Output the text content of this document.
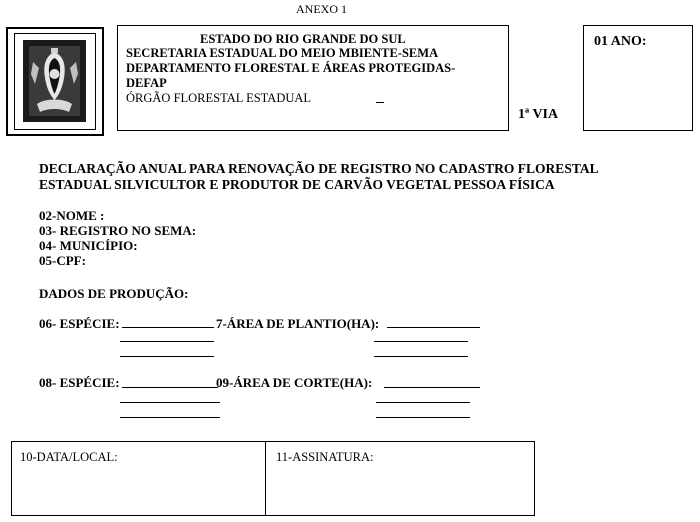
ANEXO 1
ESTADO DO RIO GRANDE DO SUL
SECRETARIA ESTADUAL DO MEIO MBIENTE-SEMA
DEPARTAMENTO FLORESTAL E ÁREAS PROTEGIDAS-
DEFAP
ÓRGÃO FLORESTAL ESTADUAL
1ª VIA
01 ANO:
DECLARAÇÃO ANUAL PARA RENOVAÇÃO DE REGISTRO NO CADASTRO FLORESTAL
ESTADUAL SILVICULTOR E PRODUTOR DE CARVÃO VEGETAL PESSOA FÍSICA
02-NOME :
03- REGISTRO NO SEMA:
04- MUNICÍPIO:
05-CPF:
DADOS DE PRODUÇÃO:
06- ESPÉCIE:	7-ÁREA DE PLANTIO(HA):
08- ESPÉCIE:	09-ÁREA DE CORTE(HA):
10-DATA/LOCAL:	11-ASSINATURA:
